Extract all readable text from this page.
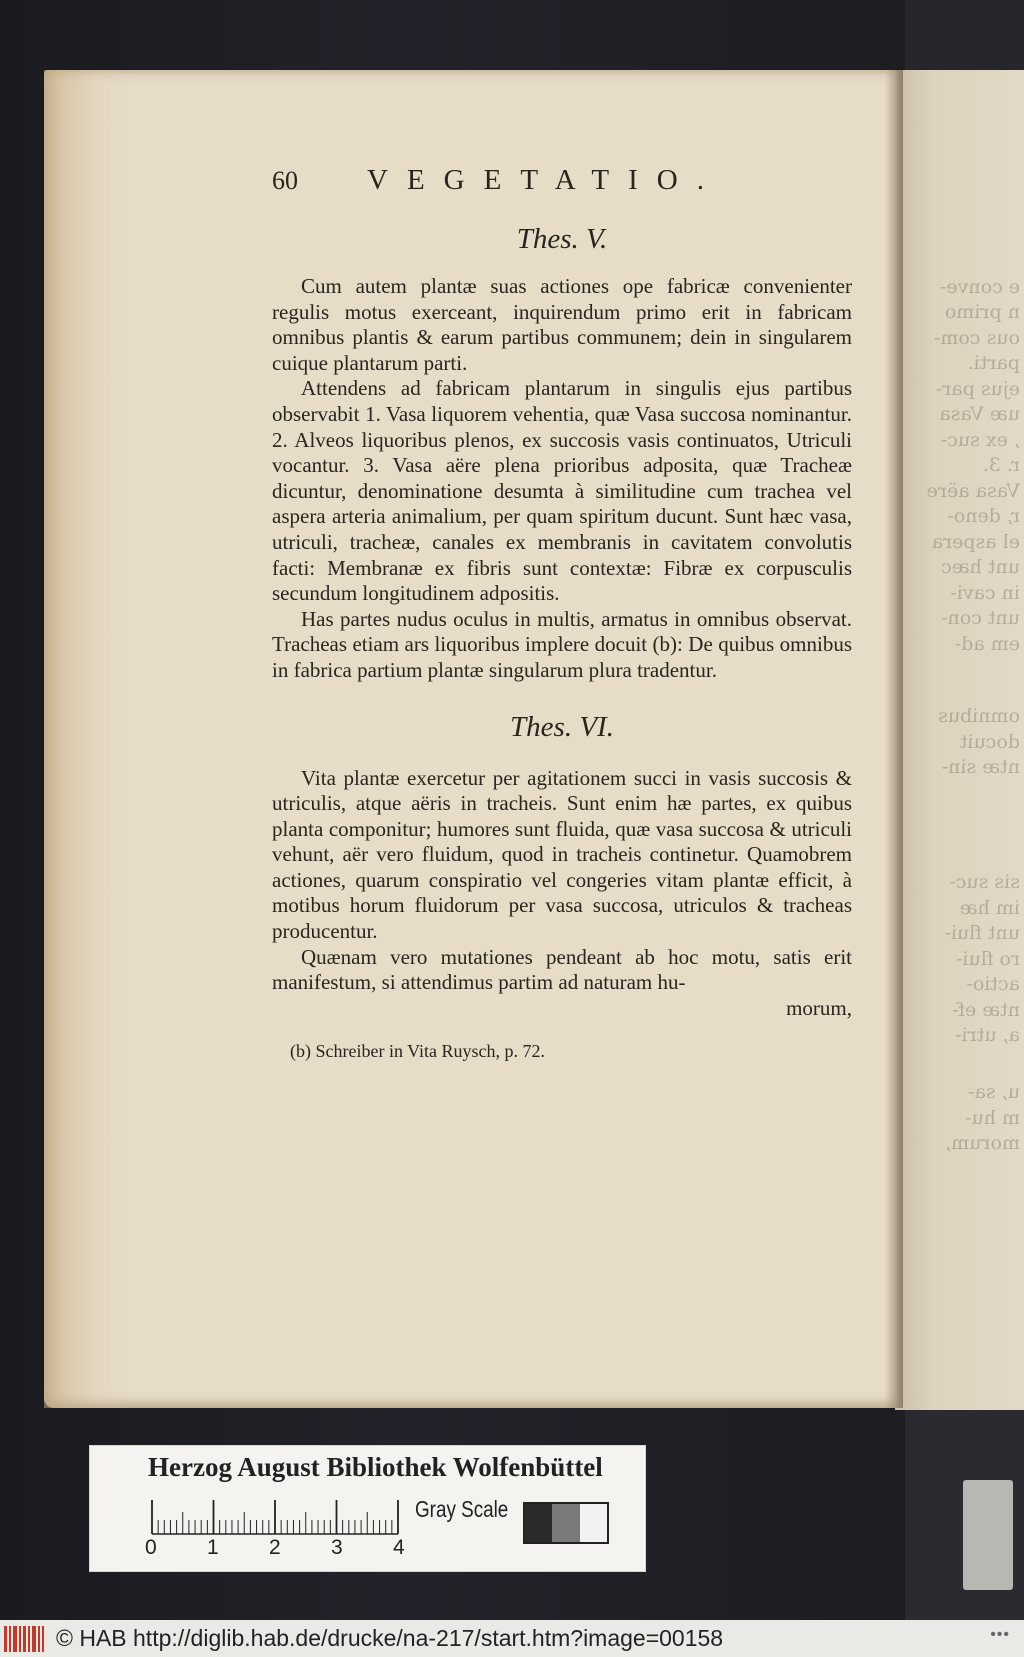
e conve-
n primo
ous com-
parti.
ejus par-
uæ Vasa
, ex suc-
r. 3.
Vasa aëre
r, deno-
el aspera
unt hæc
in cavi-
unt con-
em ad-
omnibus
docuit
ntæ sin-
sis suc-
im hæ
unt flui-
ro flui-
actio-
ntæ ef-
a, utri-
u, sa-
m hu-
morum,
60	VEGETATIO.
Thes. V.

Cum autem plantæ suas actiones ope fabricæ convenienter regulis motus exerceant, inquirendum primo erit in fabricam omnibus plantis & earum partibus communem; dein in singularem cuique plantarum parti.

Attendens ad fabricam plantarum in singulis ejus partibus observabit 1. Vasa liquorem vehentia, quæ Vasa succosa nominantur. 2. Alveos liquoribus plenos, ex succosis vasis continuatos, Utriculi vocantur. 3. Vasa aëre plena prioribus adposita, quæ Tracheæ dicuntur, denominatione desumta à similitudine cum trachea vel aspera arteria animalium, per quam spiritum ducunt. Sunt hæc vasa, utriculi, tracheæ, canales ex membranis in cavitatem convolutis facti: Membranæ ex fibris sunt contextæ: Fibræ ex corpusculis secundum longitudinem adpositis.

Has partes nudus oculus in multis, armatus in omnibus observat. Tracheas etiam ars liquoribus implere docuit (b): De quibus omnibus in fabrica partium plantæ singularum plura tradentur.

Thes. VI.

Vita plantæ exercetur per agitationem succi in vasis succosis & utriculis, atque aëris in tracheis. Sunt enim hæ partes, ex quibus planta componitur; humores sunt fluida, quæ vasa succosa & utriculi vehunt, aër vero fluidum, quod in tracheis continetur. Quamobrem actiones, quarum conspiratio vel congeries vitam plantæ efficit, à motibus horum fluidorum per vasa succosa, utriculos & tracheas producentur.

Quænam vero mutationes pendeant ab hoc motu, satis erit manifestum, si attendimus partim ad naturam hu-

morum,

(b) Schreiber in Vita Ruysch, p. 72.
Herzog August Bibliothek Wolfenbüttel
0 1 2 3 4
Gray Scale
© HAB http://diglib.hab.de/drucke/na-217/start.htm?image=00158	•••
